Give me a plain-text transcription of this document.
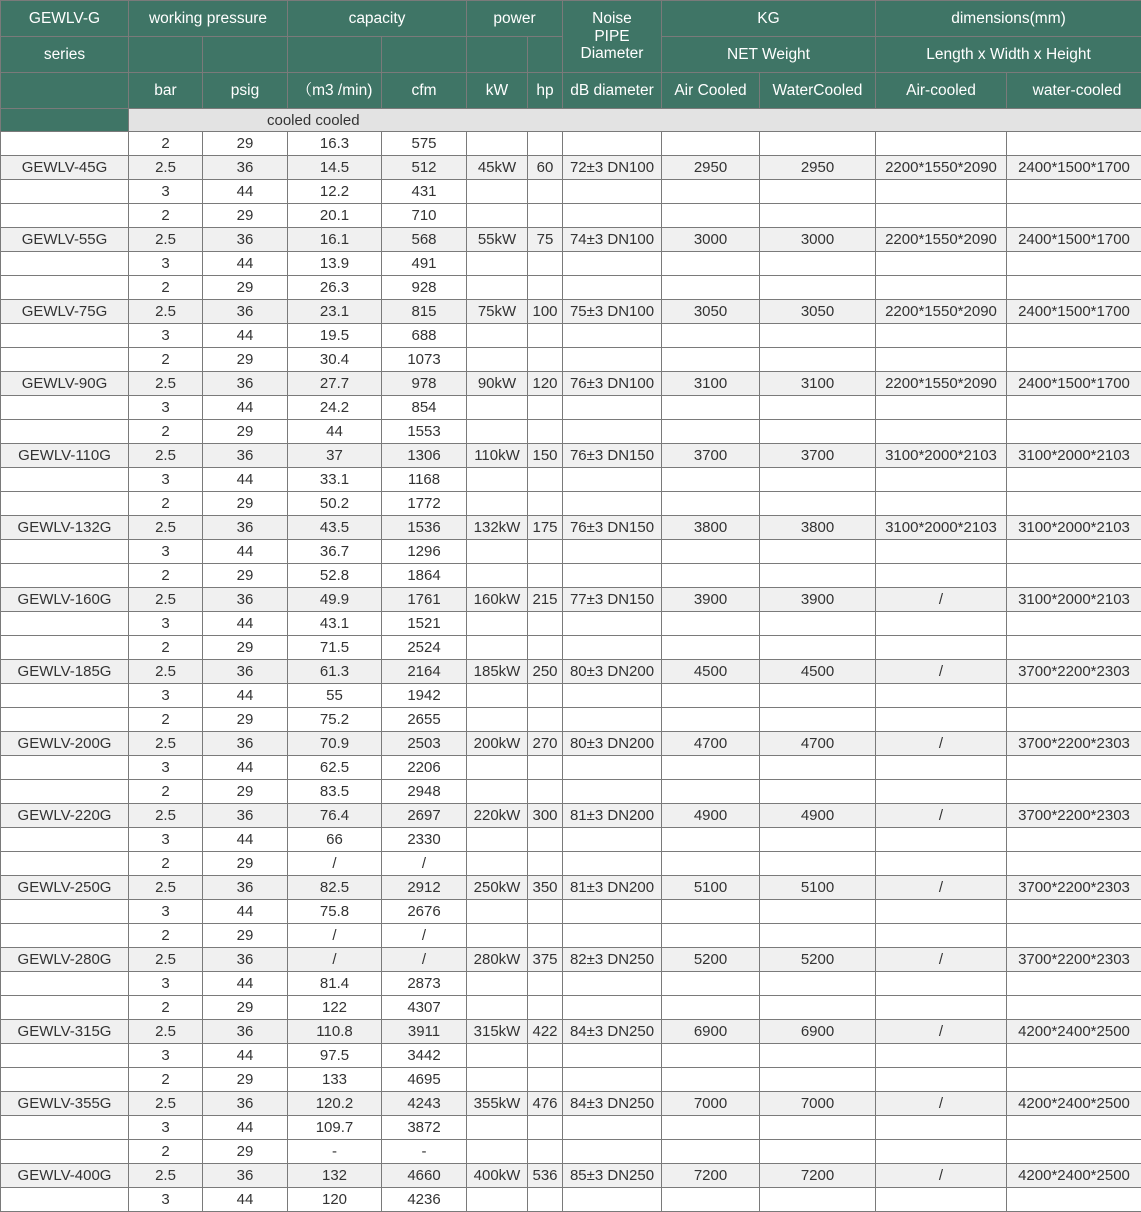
GEWLV-G	working pressure		capacity		power		Noise
PIPE
Diameter	KG		dimensions(mm)	
series								NET Weight		Length x Width x Height	
	bar	psig	（m3 /min)	cfm	kW	hp	dB diameter	Air Cooled	WaterCooled	Air-cooled	water-cooled
	cooled cooled										
	2	29	16.3	575							
GEWLV-45G	2.5	36	14.5	512	45kW	60	72±3 DN100	2950	2950	2200*1550*2090	2400*1500*1700
	3	44	12.2	431							
	2	29	20.1	710							
GEWLV-55G	2.5	36	16.1	568	55kW	75	74±3 DN100	3000	3000	2200*1550*2090	2400*1500*1700
	3	44	13.9	491							
	2	29	26.3	928							
GEWLV-75G	2.5	36	23.1	815	75kW	100	75±3 DN100	3050	3050	2200*1550*2090	2400*1500*1700
	3	44	19.5	688							
	2	29	30.4	1073							
GEWLV-90G	2.5	36	27.7	978	90kW	120	76±3 DN100	3100	3100	2200*1550*2090	2400*1500*1700
	3	44	24.2	854							
	2	29	44	1553							
GEWLV-110G	2.5	36	37	1306	110kW	150	76±3 DN150	3700	3700	3100*2000*2103	3100*2000*2103
	3	44	33.1	1168							
	2	29	50.2	1772							
GEWLV-132G	2.5	36	43.5	1536	132kW	175	76±3 DN150	3800	3800	3100*2000*2103	3100*2000*2103
	3	44	36.7	1296							
	2	29	52.8	1864							
GEWLV-160G	2.5	36	49.9	1761	160kW	215	77±3 DN150	3900	3900	/	3100*2000*2103
	3	44	43.1	1521							
	2	29	71.5	2524							
GEWLV-185G	2.5	36	61.3	2164	185kW	250	80±3 DN200	4500	4500	/	3700*2200*2303
	3	44	55	1942							
	2	29	75.2	2655							
GEWLV-200G	2.5	36	70.9	2503	200kW	270	80±3 DN200	4700	4700	/	3700*2200*2303
	3	44	62.5	2206							
	2	29	83.5	2948							
GEWLV-220G	2.5	36	76.4	2697	220kW	300	81±3 DN200	4900	4900	/	3700*2200*2303
	3	44	66	2330							
	2	29	/	/							
GEWLV-250G	2.5	36	82.5	2912	250kW	350	81±3 DN200	5100	5100	/	3700*2200*2303
	3	44	75.8	2676							
	2	29	/	/							
GEWLV-280G	2.5	36	/	/	280kW	375	82±3 DN250	5200	5200	/	3700*2200*2303
	3	44	81.4	2873							
	2	29	122	4307							
GEWLV-315G	2.5	36	110.8	3911	315kW	422	84±3 DN250	6900	6900	/	4200*2400*2500
	3	44	97.5	3442							
	2	29	133	4695							
GEWLV-355G	2.5	36	120.2	4243	355kW	476	84±3 DN250	7000	7000	/	4200*2400*2500
	3	44	109.7	3872							
	2	29	-	-							
GEWLV-400G	2.5	36	132	4660	400kW	536	85±3 DN250	7200	7200	/	4200*2400*2500
	3	44	120	4236							
